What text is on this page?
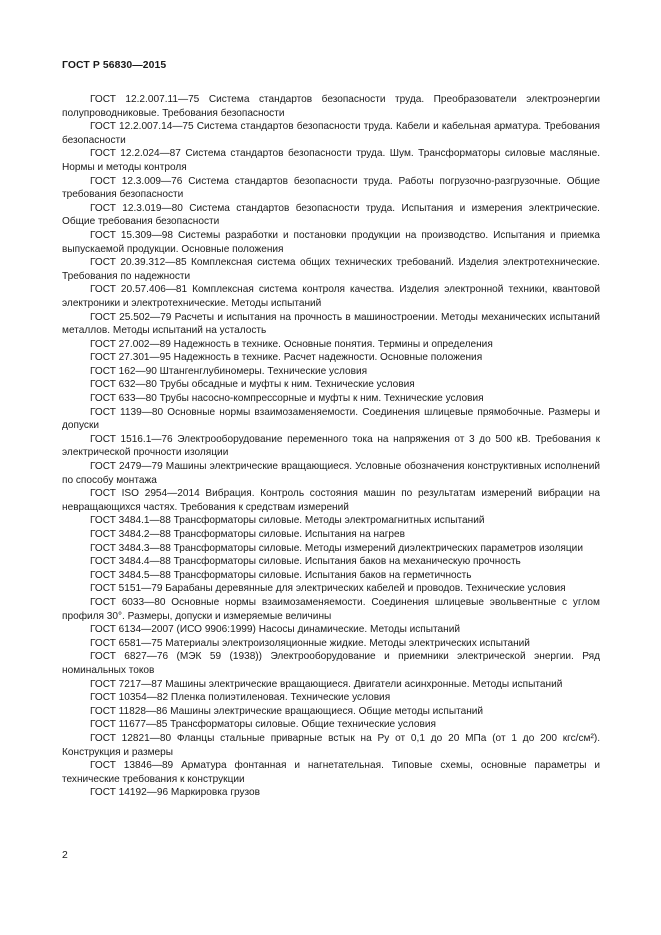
ГОСТ Р 56830—2015

ГОСТ 12.2.007.11—75 Система стандартов безопасности труда. Преобразователи электроэнергии полупроводниковые. Требования безопасности

ГОСТ 12.2.007.14—75 Система стандартов безопасности труда. Кабели и кабельная арматура. Требования безопасности

ГОСТ 12.2.024—87 Система стандартов безопасности труда. Шум. Трансформаторы силовые масляные. Нормы и методы контроля

ГОСТ 12.3.009—76 Система стандартов безопасности труда. Работы погрузочно-разгрузочные. Общие требования безопасности

ГОСТ 12.3.019—80 Система стандартов безопасности труда. Испытания и измерения электрические. Общие требования безопасности

ГОСТ 15.309—98 Системы разработки и постановки продукции на производство. Испытания и приемка выпускаемой продукции. Основные положения

ГОСТ 20.39.312—85 Комплексная система общих технических требований. Изделия электротехнические. Требования по надежности

ГОСТ 20.57.406—81 Комплексная система контроля качества. Изделия электронной техники, квантовой электроники и электротехнические. Методы испытаний

ГОСТ 25.502—79 Расчеты и испытания на прочность в машиностроении. Методы механических испытаний металлов. Методы испытаний на усталость

ГОСТ 27.002—89 Надежность в технике. Основные понятия. Термины и определения

ГОСТ 27.301—95 Надежность в технике. Расчет надежности. Основные положения

ГОСТ 162—90 Штангенглубиномеры. Технические условия

ГОСТ 632—80 Трубы обсадные и муфты к ним. Технические условия

ГОСТ 633—80 Трубы насосно-компрессорные и муфты к ним. Технические условия

ГОСТ 1139—80 Основные нормы взаимозаменяемости. Соединения шлицевые прямобочные. Размеры и допуски

ГОСТ 1516.1—76 Электрооборудование переменного тока на напряжения от 3 до 500 кВ. Требования к электрической прочности изоляции

ГОСТ 2479—79 Машины электрические вращающиеся. Условные обозначения конструктивных исполнений по способу монтажа

ГОСТ ISO 2954—2014 Вибрация. Контроль состояния машин по результатам измерений вибрации на невращающихся частях. Требования к средствам измерений

ГОСТ 3484.1—88 Трансформаторы силовые. Методы электромагнитных испытаний

ГОСТ 3484.2—88 Трансформаторы силовые. Испытания на нагрев

ГОСТ 3484.3—88 Трансформаторы силовые. Методы измерений диэлектрических параметров изоляции

ГОСТ 3484.4—88 Трансформаторы силовые. Испытания баков на механическую прочность

ГОСТ 3484.5—88 Трансформаторы силовые. Испытания баков на герметичность

ГОСТ 5151—79 Барабаны деревянные для электрических кабелей и проводов. Технические условия

ГОСТ 6033—80 Основные нормы взаимозаменяемости. Соединения шлицевые эвольвентные с углом профиля 30°. Размеры, допуски и измеряемые величины

ГОСТ 6134—2007 (ИСО 9906:1999) Насосы динамические. Методы испытаний

ГОСТ 6581—75 Материалы электроизоляционные жидкие. Методы электрических испытаний

ГОСТ 6827—76 (МЭК 59 (1938)) Электрооборудование и приемники электрической энергии. Ряд номинальных токов

ГОСТ 7217—87 Машины электрические вращающиеся. Двигатели асинхронные. Методы испытаний

ГОСТ 10354—82 Пленка полиэтиленовая. Технические условия

ГОСТ 11828—86 Машины электрические вращающиеся. Общие методы испытаний

ГОСТ 11677—85 Трансформаторы силовые. Общие технические условия

ГОСТ 12821—80 Фланцы стальные приварные встык на Ру от 0,1 до 20 МПа (от 1 до 200 кгс/см²). Конструкция и размеры

ГОСТ 13846—89 Арматура фонтанная и нагнетательная. Типовые схемы, основные параметры и технические требования к конструкции

ГОСТ 14192—96 Маркировка грузов

2
